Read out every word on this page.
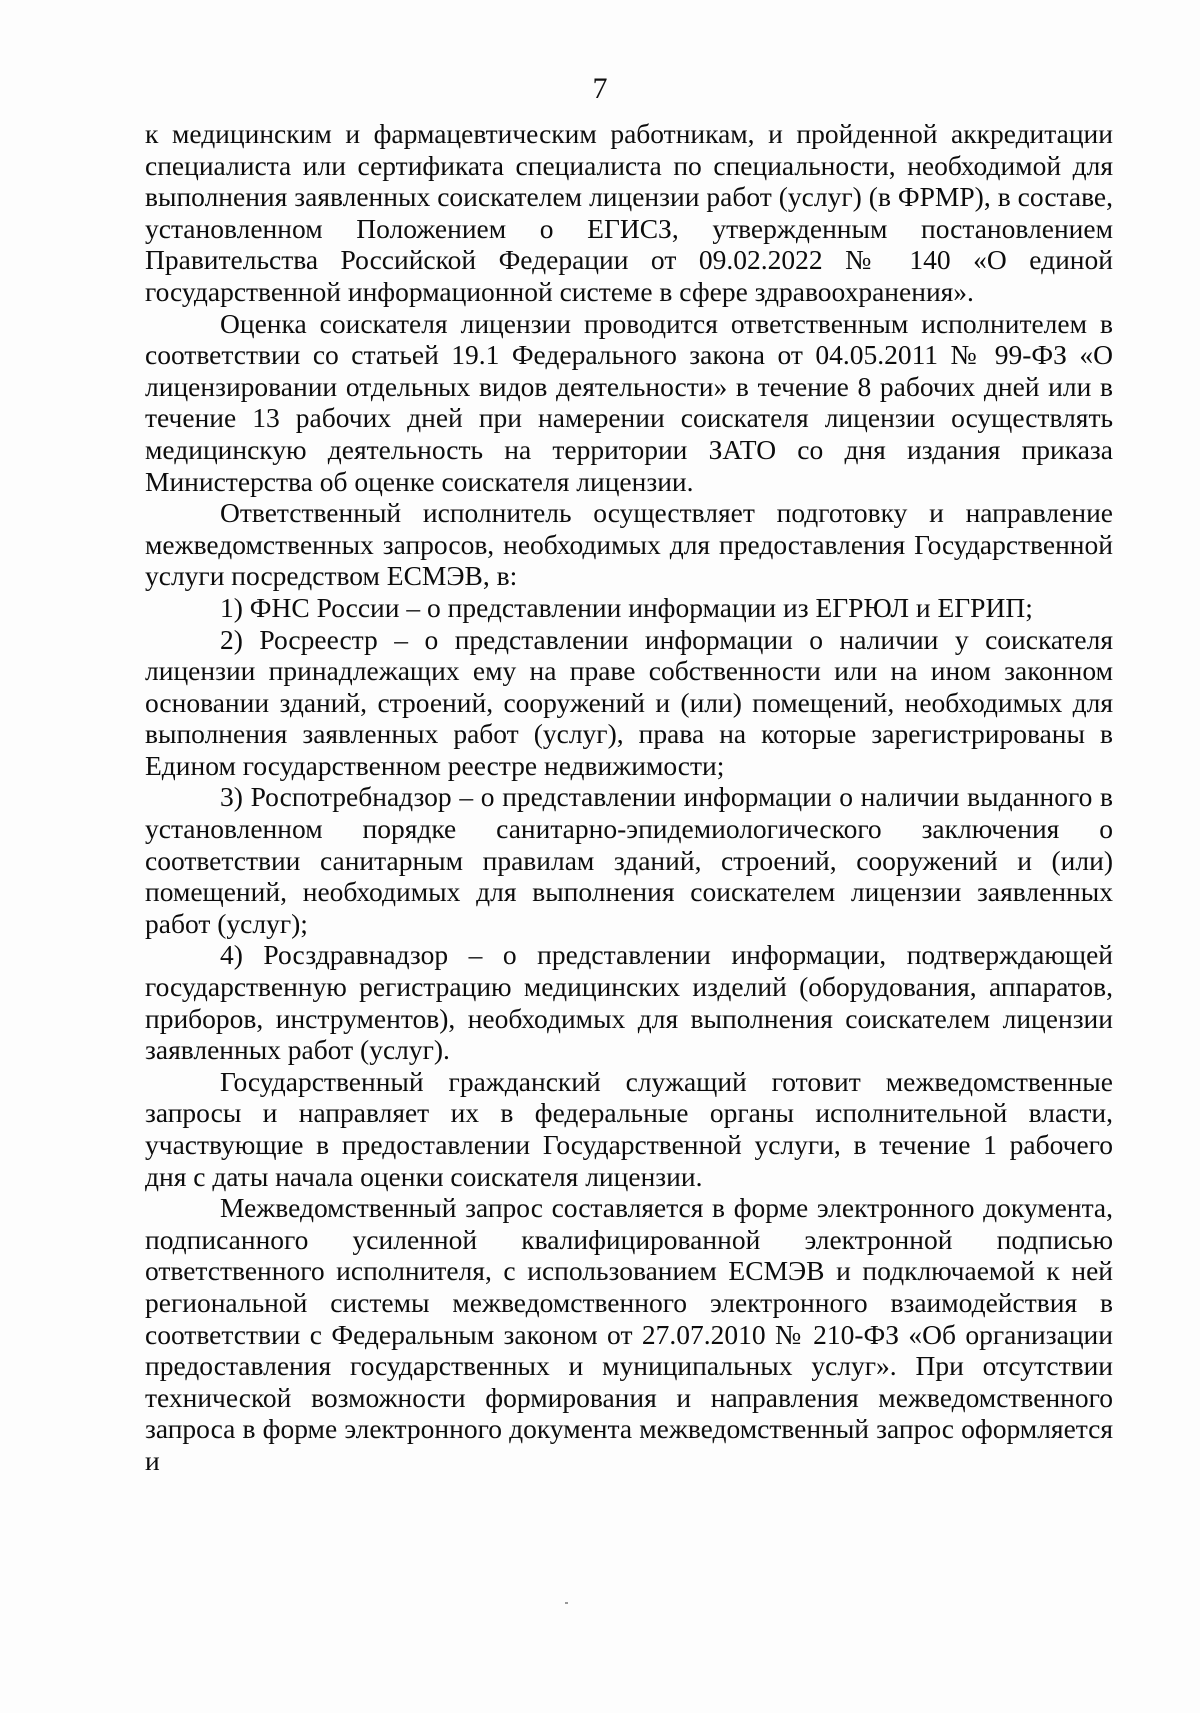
7

к медицинским и фармацевтическим работникам, и пройденной аккредитации специалиста или сертификата специалиста по специальности, необходимой для выполнения заявленных соискателем лицензии работ (услуг) (в ФРМР), в составе, установленном Положением о ЕГИСЗ, утвержденным постановлением Правительства Российской Федерации от 09.02.2022 № 140 «О единой государственной информационной системе в сфере здравоохранения».

Оценка соискателя лицензии проводится ответственным исполнителем в соответствии со статьей 19.1 Федерального закона от 04.05.2011 № 99-ФЗ «О лицензировании отдельных видов деятельности» в течение 8 рабочих дней или в течение 13 рабочих дней при намерении соискателя лицензии осуществлять медицинскую деятельность на территории ЗАТО со дня издания приказа Министерства об оценке соискателя лицензии.

Ответственный исполнитель осуществляет подготовку и направление межведомственных запросов, необходимых для предоставления Государственной услуги посредством ЕСМЭВ, в:

1) ФНС России – о представлении информации из ЕГРЮЛ и ЕГРИП;

2) Росреестр – о представлении информации о наличии у соискателя лицензии принадлежащих ему на праве собственности или на ином законном основании зданий, строений, сооружений и (или) помещений, необходимых для выполнения заявленных работ (услуг), права на которые зарегистрированы в Едином государственном реестре недвижимости;

3) Роспотребнадзор – о представлении информации о наличии выданного в установленном порядке санитарно-эпидемиологического заключения о соответствии санитарным правилам зданий, строений, сооружений и (или) помещений, необходимых для выполнения соискателем лицензии заявленных работ (услуг);

4) Росздравнадзор – о представлении информации, подтверждающей государственную регистрацию медицинских изделий (оборудования, аппаратов, приборов, инструментов), необходимых для выполнения соискателем лицензии заявленных работ (услуг).

Государственный гражданский служащий готовит межведомственные запросы и направляет их в федеральные органы исполнительной власти, участвующие в предоставлении Государственной услуги, в течение 1 рабочего дня с даты начала оценки соискателя лицензии.

Межведомственный запрос составляется в форме электронного документа, подписанного усиленной квалифицированной электронной подписью ответственного исполнителя, с использованием ЕСМЭВ и подключаемой к ней региональной системы межведомственного электронного взаимодействия в соответствии с Федеральным законом от 27.07.2010 № 210-ФЗ «Об организации предоставления государственных и муниципальных услуг». При отсутствии технической возможности формирования и направления межведомственного запроса в форме электронного документа межведомственный запрос оформляется и
